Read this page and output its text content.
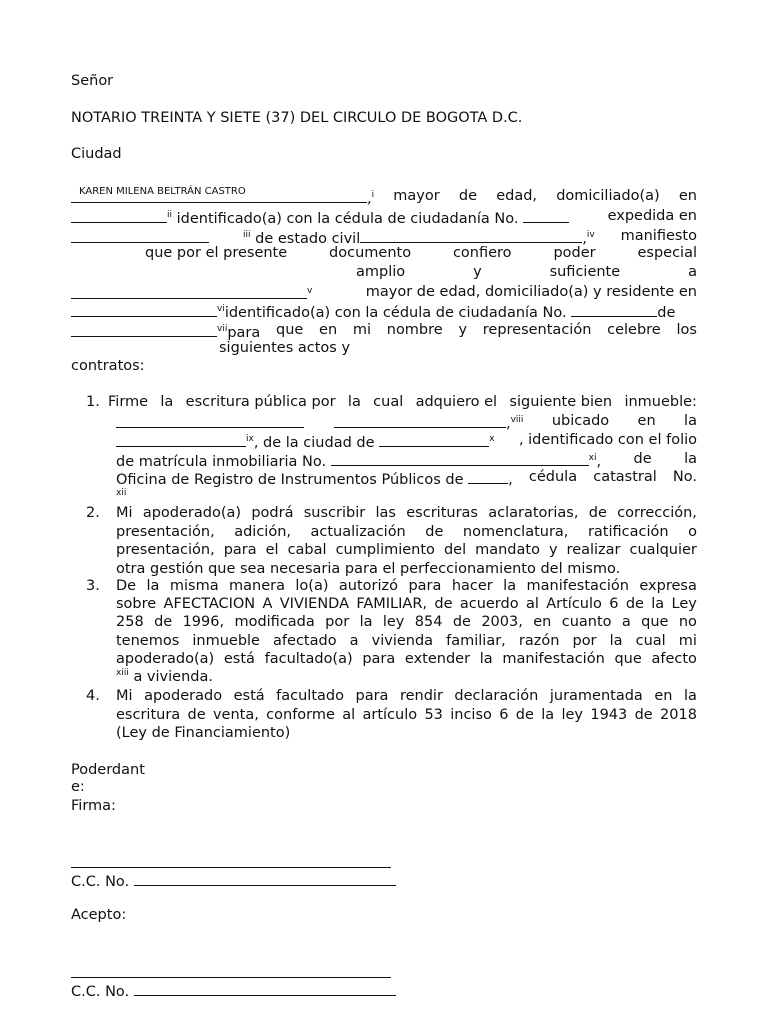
Señor
NOTARIO TREINTA Y SIETE (37) DEL CIRCULO DE BOGOTA D.C.
Ciudad
KAREN MILENA BELTRÁN CASTRO	,$^i$ mayor de edad, domiciliado(a) en
$^{ii}$ identificado(a) con la cédula de ciudadanía No.	expedida en
$^{iii}$ de estado civil	,$^{iv}$ manifiesto
que por el presente	documento	confiero	poder	especial
amplio	y	suficiente	a
$^v$	mayor de edad, domiciliado(a) y residente en
$^{vi}$identificado(a) con la cédula de ciudadanía No.	de
$^{vii}$para que en mi nombre y representación celebre los
siguientes actos y
contratos:
1. Firme la escritura pública por la cual adquiero el siguiente bien inmueble:
,$^{viii}$ ubicado en la
$^{ix}$, de la ciudad de	$^x$ , identificado con el folio
de matrícula inmobiliaria No.	$^{xi}$, de la
Oficina de Registro de Instrumentos Públicos de	, cédula catastral No.
xii
2. Mi apoderado(a) podrá suscribir las escrituras aclaratorias, de corrección,
presentación, adición, actualización de nomenclatura, ratificación o
presentación, para el cabal cumplimiento del mandato y realizar cualquier
otra gestión que sea necesaria para el perfeccionamiento del mismo.
3. De la misma manera lo(a) autorizó para hacer la manifestación expresa
sobre AFECTACION A VIVIENDA FAMILIAR, de acuerdo al Artículo 6 de la Ley
258 de 1996, modificada por la ley 854 de 2003, en cuanto a que no
tenemos inmueble afectado a vivienda familiar, razón por la cual mi
apoderado(a) está facultado(a) para extender la manifestación que afecto
$^{xiii}$ a vivienda.
4. Mi apoderado está facultado para rendir declaración juramentada en la
escritura de venta, conforme al artículo 53 inciso 6 de la ley 1943 de 2018
(Ley de Financiamiento)
Poderdant
e:
Firma:
C.C. No.
Acepto:
C.C. No.
